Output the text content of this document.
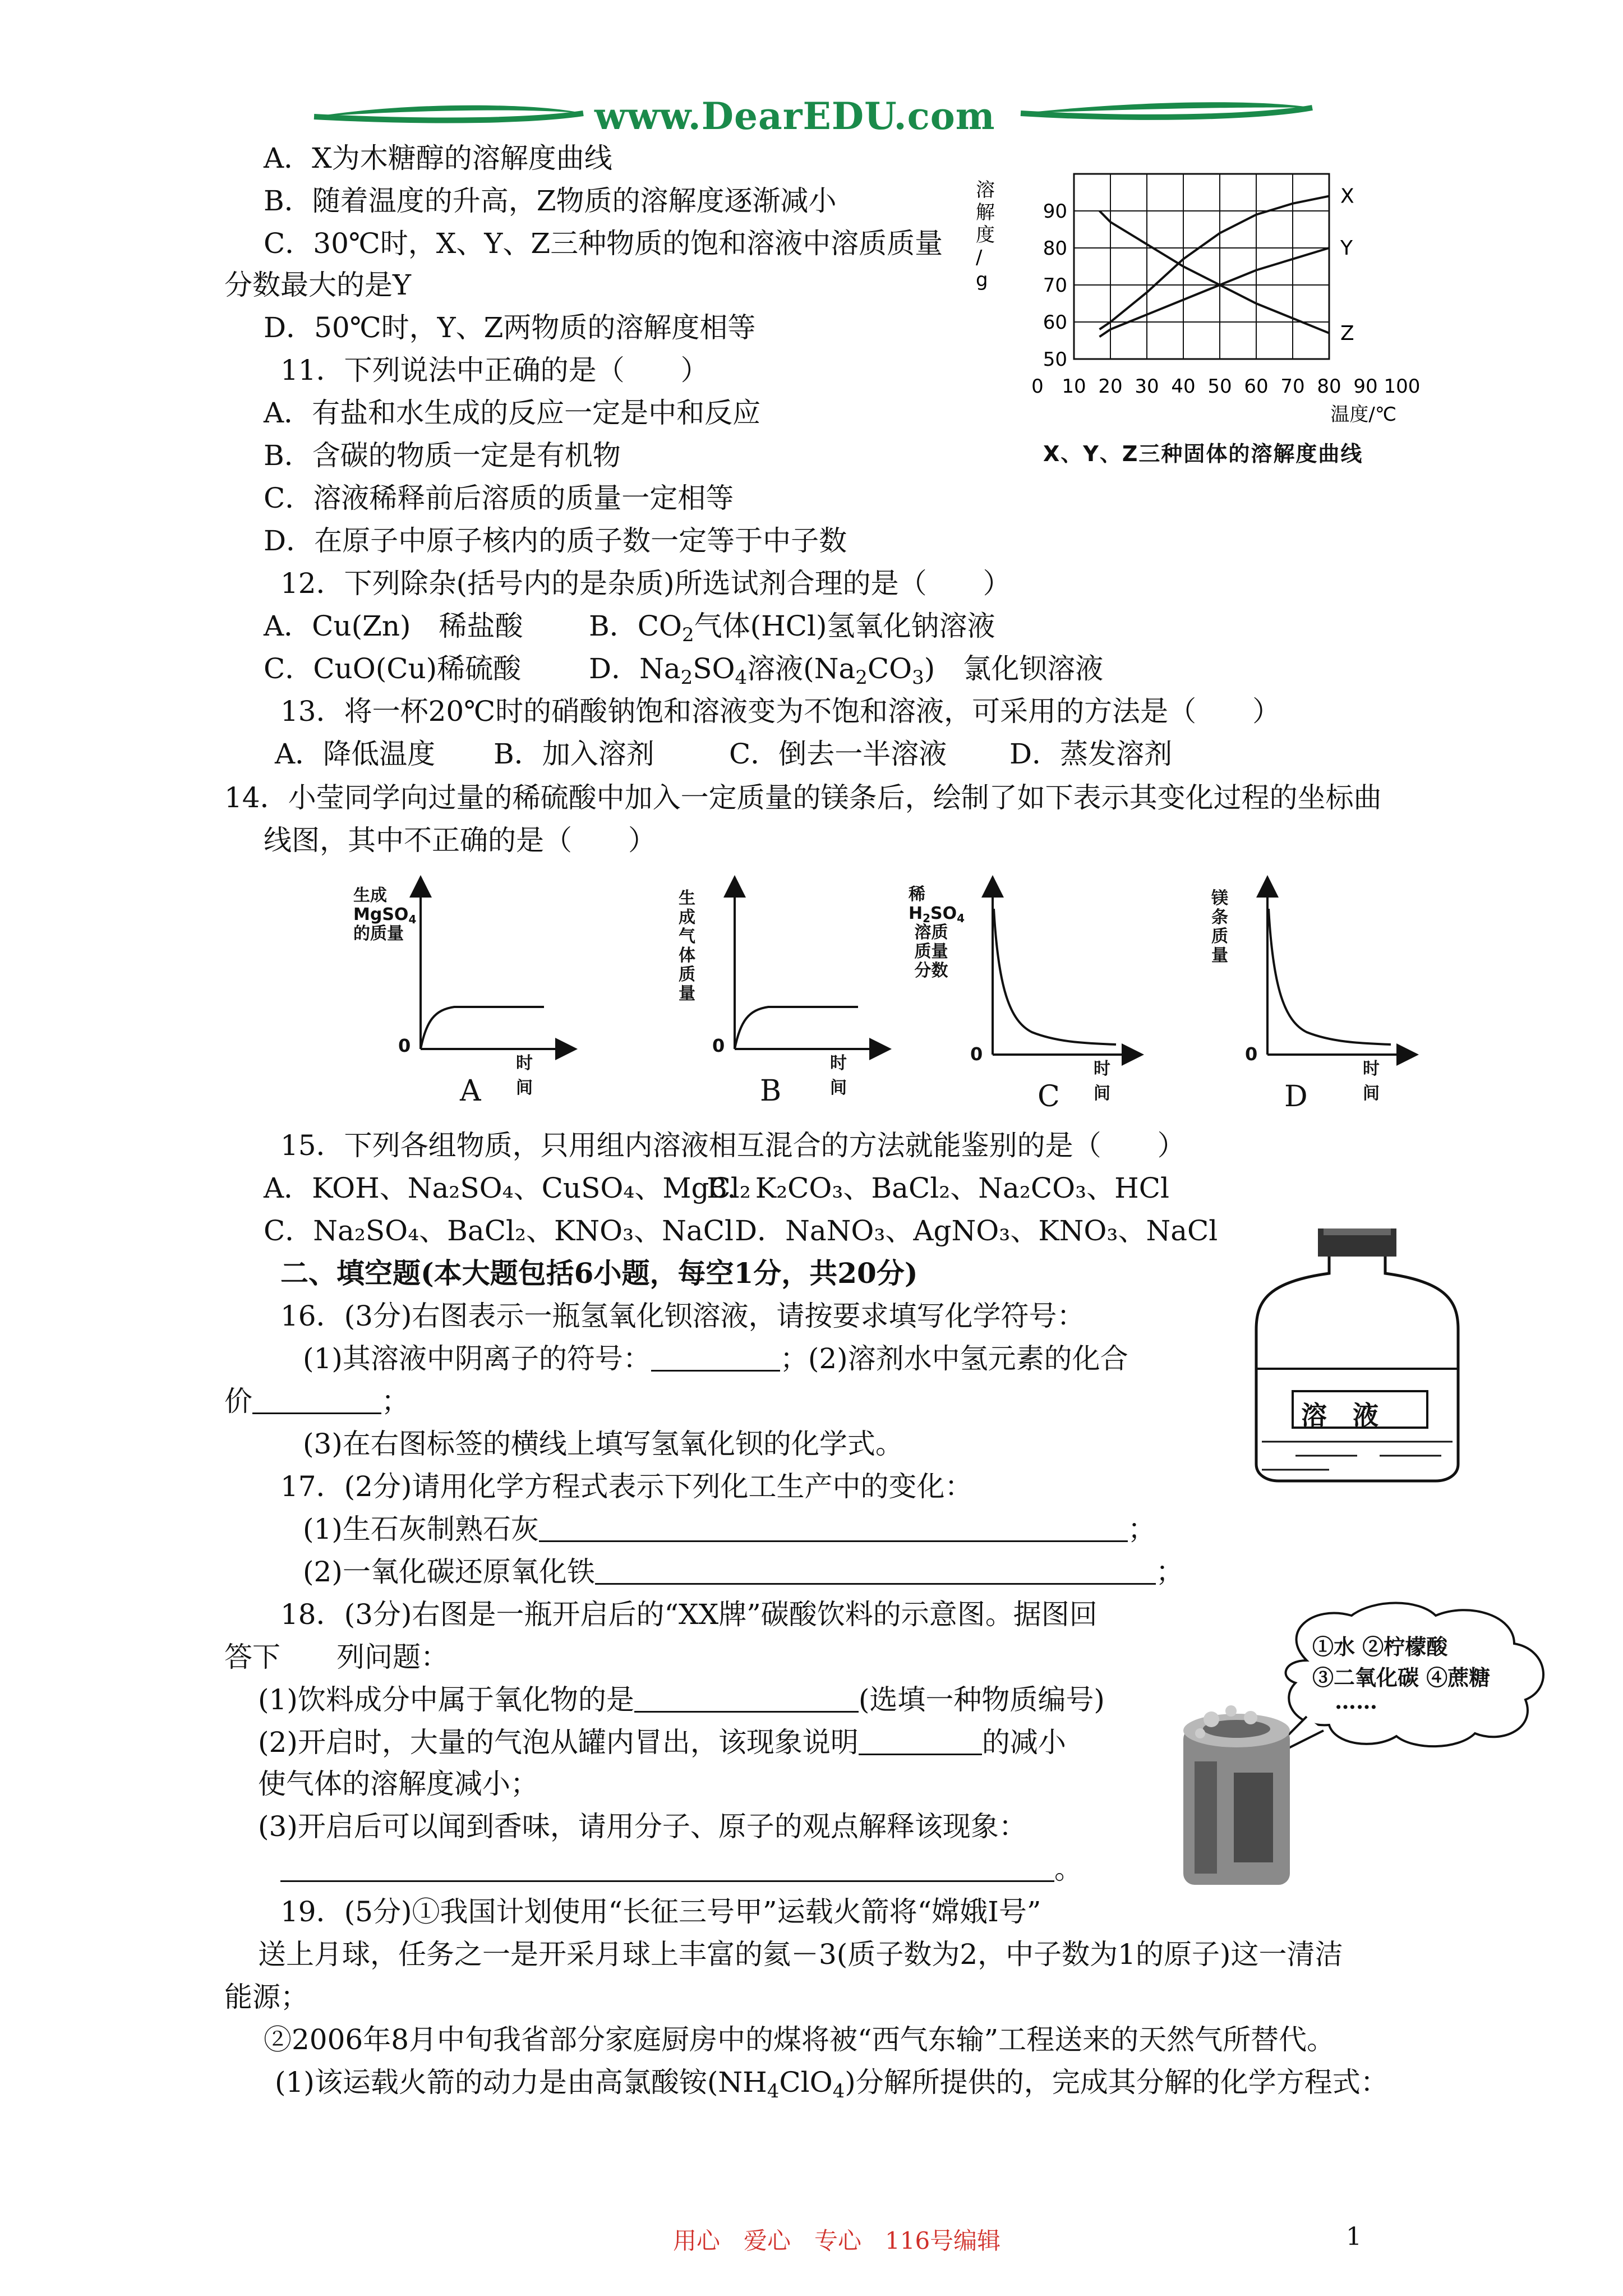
www.DearEDU.com
A．X为木糖醇的溶解度曲线
B．随着温度的升高，Z物质的溶解度逐渐减小
C．30℃时，X、Y、Z三种物质的饱和溶液中溶质质量
分数最大的是Y
D．50℃时，Y、Z两物质的溶解度相等
溶
解
度
/
g
50
60
70
80
90
0 10 20 30 40 50 60 70 80 90 100
温度/℃
X
Y
Z
X、Y、Z三种固体的溶解度曲线
11．下列说法中正确的是（　　）
A．有盐和水生成的反应一定是中和反应
B．含碳的物质一定是有机物
C．溶液稀释前后溶质的质量一定相等
D．在原子中原子核内的质子数一定等于中子数
12．下列除杂(括号内的是杂质)所选试剂合理的是（　　）
A．Cu(Zn)　稀盐酸 B．$CO_2$气体(HCl)氢氧化钠溶液
C．CuO(Cu)稀硫酸 D．$Na_2SO_4$溶液$(Na_2CO_3)$　氯化钡溶液
13．将一杯20℃时的硝酸钠饱和溶液变为不饱和溶液，可采用的方法是（　　）
A．降低温度 B．加入溶剂	C．倒去一半溶液 D．蒸发溶剂
14．小莹同学向过量的稀硫酸中加入一定质量的镁条后，绘制了如下表示其变化过程的坐标曲
线图，其中不正确的是（　　）
生成
MgSO$_4$
的质量
0
时间
A
生
成
气
体
质
量
0
时间
B
稀 $H_2SO_4$
溶质
质量
分数
0
时间
C
镁
条
质
量
0
时间
D
15．下列各组物质，只用组内溶液相互混合的方法就能鉴别的是（　　）
A．KOH、Na₂SO₄、CuSO₄、MgCl₂
B．K₂CO₃、BaCl₂、Na₂CO₃、HCl
C．Na₂SO₄、BaCl₂、KNO₃、NaCl D．NaNO₃、AgNO₃、KNO₃、NaCl
二、填空题(本大题包括6小题，每空1分，共20分)
溶　液
16．(3分)右图表示一瓶氢氧化钡溶液，请按要求填写化学符号：
(1)其溶液中阴离子的符号：	；(2)溶剂水中氢元素的化合
价	；
(3)在右图标签的横线上填写氢氧化钡的化学式。
17．(2分)请用化学方程式表示下列化工生产中的变化：
(1)生石灰制熟石灰	；
(2)一氧化碳还原氧化铁	；
18．(3分)右图是一瓶开启后的“XX牌”碳酸饮料的示意图。据图回
答下　　列问题：
(1)饮料成分中属于氧化物的是	(选填一种物质编号)
(2)开启时，大量的气泡从罐内冒出，该现象说明	的减小
使气体的溶解度减小；
(3)开启后可以闻到香味，请用分子、原子的观点解释该现象：
。
①水 ②柠檬酸
③二氧化碳 ④蔗糖
……
19．(5分)①我国计划使用“长征三号甲”运载火箭将“嫦娥Ⅰ号”
送上月球，任务之一是开采月球上丰富的氦－3(质子数为2，中子数为1的原子)这一清洁
能源；
②2006年8月中旬我省部分家庭厨房中的煤将被“西气东输”工程送来的天然气所替代。
(1)该运载火箭的动力是由高氯酸铵$(NH_4ClO_4)$分解所提供的，完成其分解的化学方程式：
用心　爱心　专心　116号编辑	1
